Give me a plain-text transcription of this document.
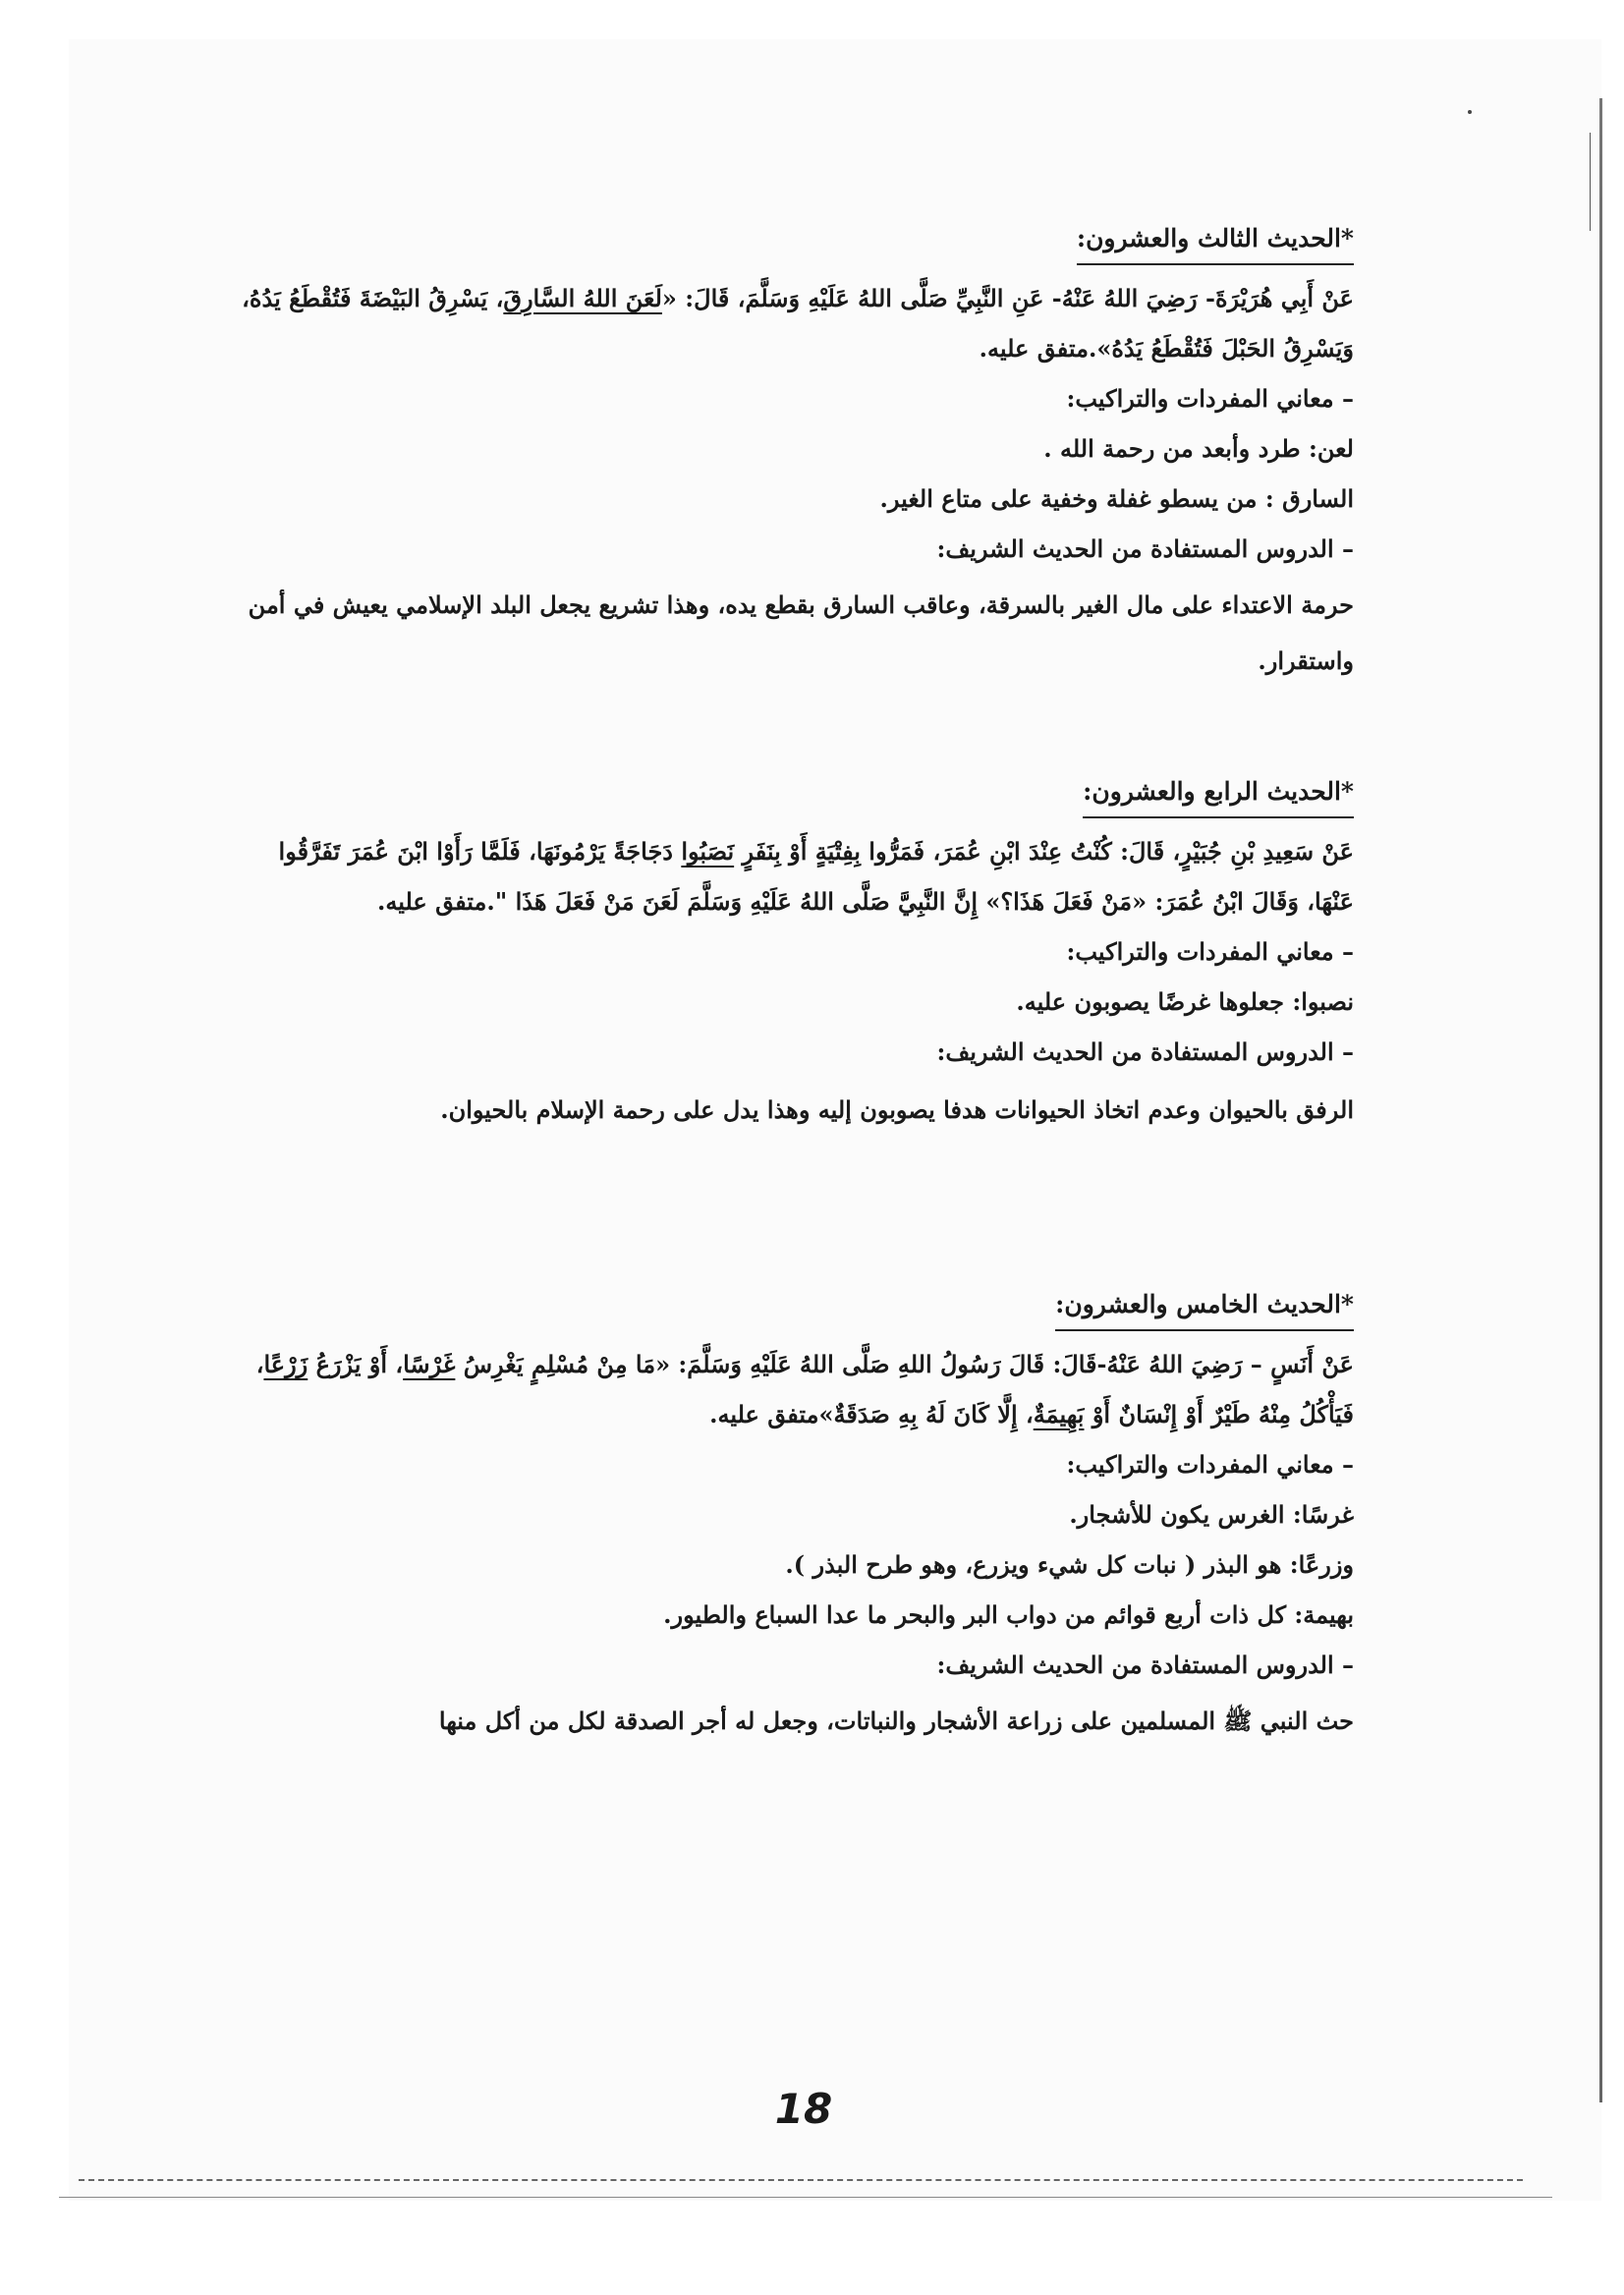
*الحديث الثالث والعشرون:
عَنْ أَبِي هُرَيْرَةَ- رَضِيَ اللهُ عَنْهُ- عَنِ النَّبِيِّ صَلَّى اللهُ عَلَيْهِ وَسَلَّمَ، قَالَ: «لَعَنَ اللهُ السَّارِقَ، يَسْرِقُ البَيْضَةَ فَتُقْطَعُ يَدُهُ،
وَيَسْرِقُ الحَبْلَ فَتُقْطَعُ يَدُهُ».متفق عليه.
– معاني المفردات والتراكيب:
لعن: طرد وأبعد من رحمة الله .
السارق : من يسطو غفلة وخفية على متاع الغير.
– الدروس المستفادة من الحديث الشريف:
حرمة الاعتداء على مال الغير بالسرقة، وعاقب السارق بقطع يده، وهذا تشريع يجعل البلد الإسلامي يعيش في أمن
واستقرار.
*الحديث الرابع والعشرون:
عَنْ سَعِيدِ بْنِ جُبَيْرٍ، قَالَ: كُنْتُ عِنْدَ ابْنِ عُمَرَ، فَمَرُّوا بِفِتْيَةٍ أَوْ بِنَفَرٍ نَصَبُوا دَجَاجَةً يَرْمُونَهَا، فَلَمَّا رَأَوْا ابْنَ عُمَرَ تَفَرَّقُوا
عَنْهَا، وَقَالَ ابْنُ عُمَرَ: «مَنْ فَعَلَ هَذَا؟» إِنَّ النَّبِيَّ صَلَّى اللهُ عَلَيْهِ وَسَلَّمَ لَعَنَ مَنْ فَعَلَ هَذَا ".متفق عليه.
– معاني المفردات والتراكيب:
نصبوا: جعلوها غرضًا يصوبون عليه.
– الدروس المستفادة من الحديث الشريف:
الرفق بالحيوان وعدم اتخاذ الحيوانات هدفا يصوبون إليه وهذا يدل على رحمة الإسلام بالحيوان.
*الحديث الخامس والعشرون:
عَنْ أَنَسٍ – رَضِيَ اللهُ عَنْهُ-قَالَ: قَالَ رَسُولُ اللهِ صَلَّى اللهُ عَلَيْهِ وَسَلَّمَ: «مَا مِنْ مُسْلِمٍ يَغْرِسُ غَرْسًا، أَوْ يَزْرَعُ زَرْعًا،
فَيَأْكُلُ مِنْهُ طَيْرٌ أَوْ إِنْسَانٌ أَوْ بَهِيمَةٌ، إِلَّا كَانَ لَهُ بِهِ صَدَقَةٌ»متفق عليه.
– معاني المفردات والتراكيب:
غرسًا: الغرس يكون للأشجار.
وزرعًا: هو البذر ( نبات كل شيء ويزرع، وهو طرح البذر ).
بهيمة: كل ذات أربع قوائم من دواب البر والبحر ما عدا السباع والطيور.
– الدروس المستفادة من الحديث الشريف:
حث النبي ﷺ المسلمين على زراعة الأشجار والنباتات، وجعل له أجر الصدقة لكل من أكل منها
18
